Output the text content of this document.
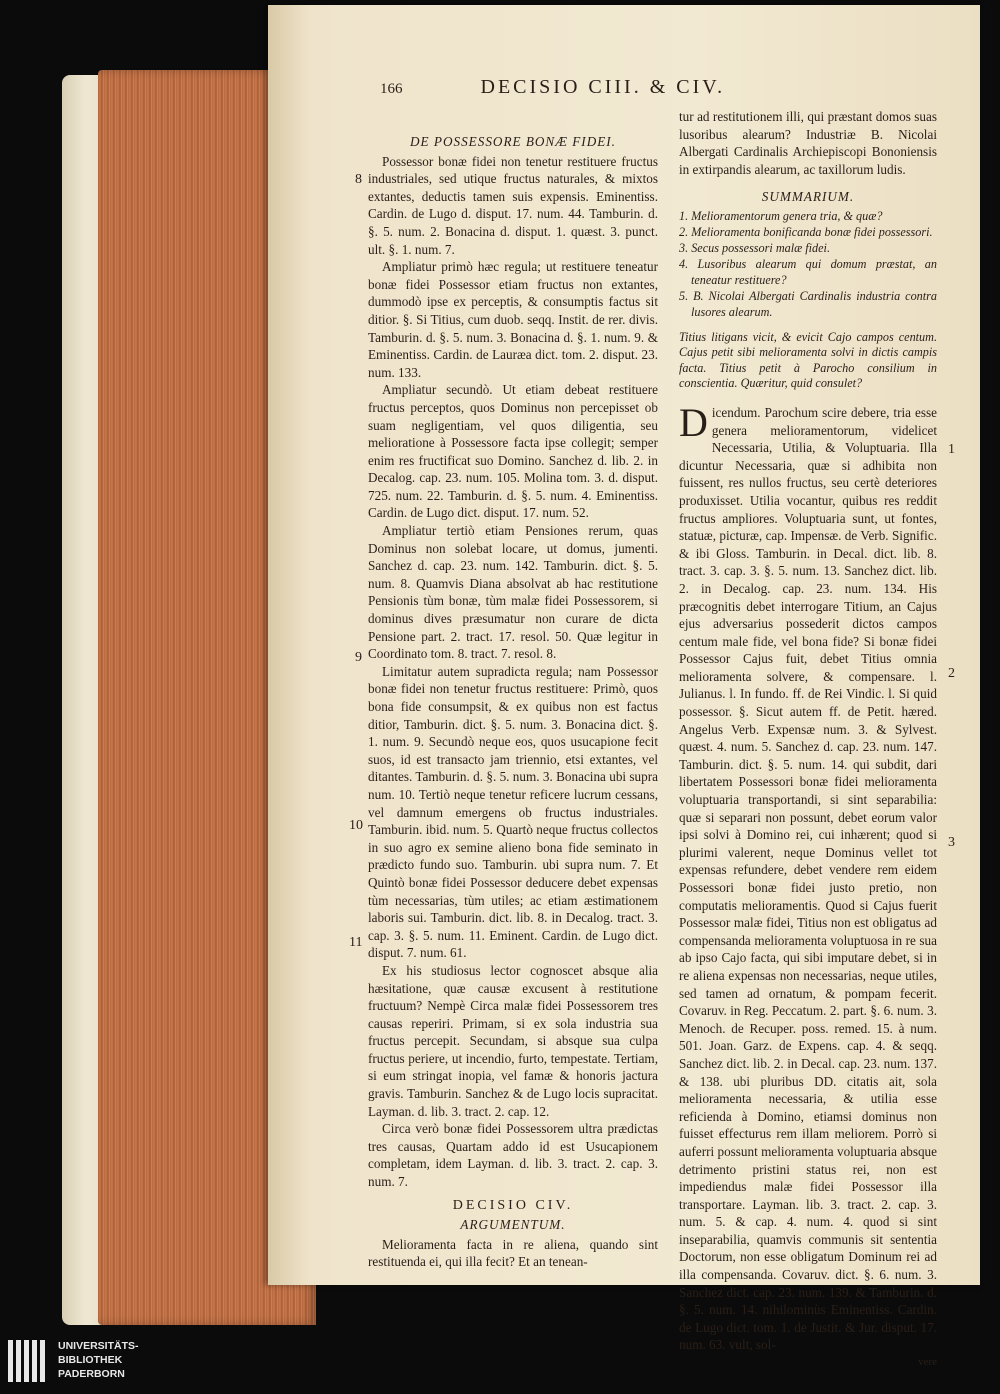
166	DECISIO CIII. & CIV.
DE POSSESSORE BONÆ FIDEI.

Possessor bonæ fidei non tenetur restituere fructus industriales, sed utique fructus naturales, & mixtos extantes, deductis tamen suis expensis. Eminentiss. Cardin. de Lugo d. disput. 17. num. 44. Tamburin. d. §. 5. num. 2. Bonacina d. disput. 1. quæst. 3. punct. ult. §. 1. num. 7.

Ampliatur primò hæc regula; ut restituere teneatur bonæ fidei Possessor etiam fructus non extantes, dummodò ipse ex perceptis, & consumptis factus sit ditior. §. Si Titius, cum duob. seqq. Instit. de rer. divis. Tamburin. d. §. 5. num. 3. Bonacina d. §. 1. num. 9. & Eminentiss. Cardin. de Lauræa dict. tom. 2. disput. 23. num. 133.

Ampliatur secundò. Ut etiam debeat restituere fructus perceptos, quos Dominus non percepisset ob suam negligentiam, vel quos diligentia, seu melioratione à Possessore facta ipse collegit; semper enim res fructificat suo Domino. Sanchez d. lib. 2. in Decalog. cap. 23. num. 105. Molina tom. 3. d. disput. 725. num. 22. Tamburin. d. §. 5. num. 4. Eminentiss. Cardin. de Lugo dict. disput. 17. num. 52.

Ampliatur tertiò etiam Pensiones rerum, quas Dominus non solebat locare, ut domus, jumenti. Sanchez d. cap. 23. num. 142. Tamburin. dict. §. 5. num. 8. Quamvis Diana absolvat ab hac restitutione Pensionis tùm bonæ, tùm malæ fidei Possessorem, si dominus dives præsumatur non curare de dicta Pensione part. 2. tract. 17. resol. 50. Quæ legitur in Coordinato tom. 8. tract. 7. resol. 8.

Limitatur autem supradicta regula; nam Possessor bonæ fidei non tenetur fructus restituere: Primò, quos bona fide consumpsit, & ex quibus non est factus ditior, Tamburin. dict. §. 5. num. 3. Bonacina dict. §. 1. num. 9. Secundò neque eos, quos usucapione fecit suos, id est transacto jam triennio, etsi extantes, vel ditantes. Tamburin. d. §. 5. num. 3. Bonacina ubi supra num. 10. Tertiò neque tenetur reficere lucrum cessans, vel damnum emergens ob fructus industriales. Tamburin. ibid. num. 5. Quartò neque fructus collectos in suo agro ex semine alieno bona fide seminato in prædicto fundo suo. Tamburin. ubi supra num. 7. Et Quintò bonæ fidei Possessor deducere debet expensas tùm necessarias, tùm utiles; ac etiam æstimationem laboris sui. Tamburin. dict. lib. 8. in Decalog. tract. 3. cap. 3. §. 5. num. 11. Eminent. Cardin. de Lugo dict. disput. 7. num. 61.

Ex his studiosus lector cognoscet absque alia hæsitatione, quæ causæ excusent à restitutione fructuum? Nempè Circa malæ fidei Possessorem tres causas reperiri. Primam, si ex sola industria sua fructus percepit. Secundam, si absque sua culpa fructus periere, ut incendio, furto, tempestate. Tertiam, si eum stringat inopia, vel famæ & honoris jactura gravis. Tamburin. Sanchez & de Lugo locis supracitat. Layman. d. lib. 3. tract. 2. cap. 12.

Circa verò bonæ fidei Possessorem ultra prædictas tres causas, Quartam addo id est Usucapionem completam, idem Layman. d. lib. 3. tract. 2. cap. 3. num. 7.

DECISIO CIV.
ARGUMENTUM.

Melioramenta facta in re aliena, quando sint restituenda ei, qui illa fecit? Et an tenean-

8
9
10
11

tur ad restitutionem illi, qui præstant domos suas lusoribus alearum? Industriæ B. Nicolai Albergati Cardinalis Archiepiscopi Bononiensis in extirpandis alearum, ac taxillorum ludis.

SUMMARIUM.
1. Melioramentorum genera tria, & quæ?
2. Melioramenta bonificanda bonæ fidei possessori.
3. Secus possessori malæ fidei.
4. Lusoribus alearum qui domum præstat, an teneatur restituere?
5. B. Nicolai Albergati Cardinalis industria contra lusores alearum.
Titius litigans vicit, & evicit Cajo campos centum. Cajus petit sibi melioramenta solvi in dictis campis facta. Titius petit à Parocho consilium in conscientia. Quæritur, quid consulet?

Dicendum. Parochum scire debere, tria esse genera melioramentorum, videlicet Necessaria, Utilia, & Voluptuaria. Illa dicuntur Necessaria, quæ si adhibita non fuissent, res nullos fructus, seu certè deteriores produxisset. Utilia vocantur, quibus res reddit fructus ampliores. Voluptuaria sunt, ut fontes, statuæ, picturæ, cap. Impensæ. de Verb. Signific. & ibi Gloss. Tamburin. in Decal. dict. lib. 8. tract. 3. cap. 3. §. 5. num. 13. Sanchez dict. lib. 2. in Decalog. cap. 23. num. 134. His præcognitis debet interrogare Titium, an Cajus ejus adversarius possederit dictos campos centum male fide, vel bona fide? Si bonæ fidei Possessor Cajus fuit, debet Titius omnia melioramenta solvere, & compensare. l. Julianus. l. In fundo. ff. de Rei Vindic. l. Si quid possessor. §. Sicut autem ff. de Petit. hæred. Angelus Verb. Expensæ num. 3. & Sylvest. quæst. 4. num. 5. Sanchez d. cap. 23. num. 147. Tamburin. dict. §. 5. num. 14. qui subdit, dari libertatem Possessori bonæ fidei melioramenta voluptuaria transportandi, si sint separabilia: quæ si separari non possunt, debet eorum valor ipsi solvi à Domino rei, cui inhærent; quod si plurimi valerent, neque Dominus vellet tot expensas refundere, debet vendere rem eidem Possessori bonæ fidei justo pretio, non computatis melioramentis. Quod si Cajus fuerit Possessor malæ fidei, Titius non est obligatus ad compensanda melioramenta voluptuosa in re sua ab ipso Cajo facta, qui sibi imputare debet, si in re aliena expensas non necessarias, neque utiles, sed tamen ad ornatum, & pompam fecerit. Covaruv. in Reg. Peccatum. 2. part. §. 6. num. 3. Menoch. de Recuper. poss. remed. 15. à num. 501. Joan. Garz. de Expens. cap. 4. & seqq. Sanchez dict. lib. 2. in Decal. cap. 23. num. 137. & 138. ubi pluribus DD. citatis ait, sola melioramenta necessaria, & utilia esse reficienda à Domino, etiamsi dominus non fuisset effecturus rem illam meliorem. Porrò si auferri possunt melioramenta voluptuaria absque detrimento pristini status rei, non est impediendus malæ fidei Possessor illa transportare. Layman. lib. 3. tract. 2. cap. 3. num. 5. & cap. 4. num. 4. quod si sint inseparabilia, quamvis communis sit sententia Doctorum, non esse obligatum Dominum rei ad illa compensanda. Covaruv. dict. §. 6. num. 3. Sanchez dict. cap. 23. num. 139. & Tamburin. d. §. 5. num. 14. nihilominùs Eminentiss. Cardin. de Lugo dict. tom. 1. de Justit. & Jur. disput. 17. num. 63. vult, sol-

vere
1
2
3
UNIVERSITÄTS-
BIBLIOTHEK
PADERBORN
